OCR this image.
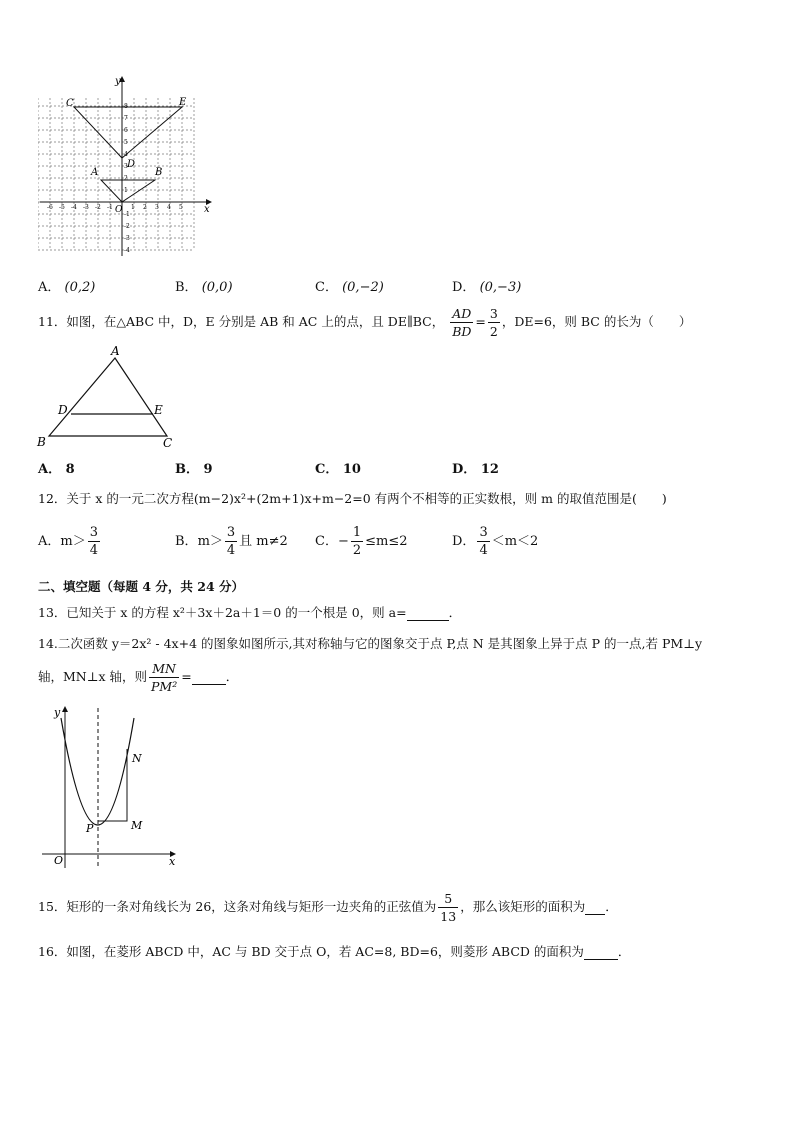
C	E
D
A	B
O	x
y
-6 -5 -4 -3 -2 -1	1 2 3 4 5
8
7
6
5
4
3
2
1
-1
-2
-3
-4
A． (0,2)	B． (0,0)	C． (0,−2)	D． (0,−3)
11．如图，在△ABC 中，D，E 分别是 AB 和 AC 上的点，且 DE∥BC， $\frac{AD}{BD} = \frac{3}{2}$ ，DE=6，则 BC 的长为（　　）
A
D	E
B	C
A． 8	B． 9	C． 10	D． 12
12．关于 x 的一元二次方程(m−2)x²+(2m+1)x+m−2=0 有两个不相等的正实数根，则 m 的取值范围是(　　)
A．$m> \frac{3}{4}$	B．$m> \frac{3}{4}$ 且 m≠2 C．− $\frac{1}{2} \le m\le 2$	D． $\frac{3}{4} <m<2$
二、填空题（每题 4 分，共 24 分）
13．已知关于 x 的方程 x²＋3x＋2a＋1＝0 的一个根是 0，则 a=	．
14.二次函数 y＝2x² - 4x+4 的图象如图所示,其对称轴与它的图象交于点 P,点 N 是其图象上异于点 P 的一点,若 PM⊥y
轴，MN⊥x 轴，则 $\frac{MN}{\text{PM²}}$ =	．
y
x
O
N
P	M
15．矩形的一条对角线长为 26，这条对角线与矩形一边夹角的正弦值为 $\frac{5}{13}$ ，那么该矩形的面积为 ．
16．如图，在菱形 ABCD 中，AC 与 BD 交于点 O，若 AC=8, BD=6，则菱形 ABCD 的面积为	．
